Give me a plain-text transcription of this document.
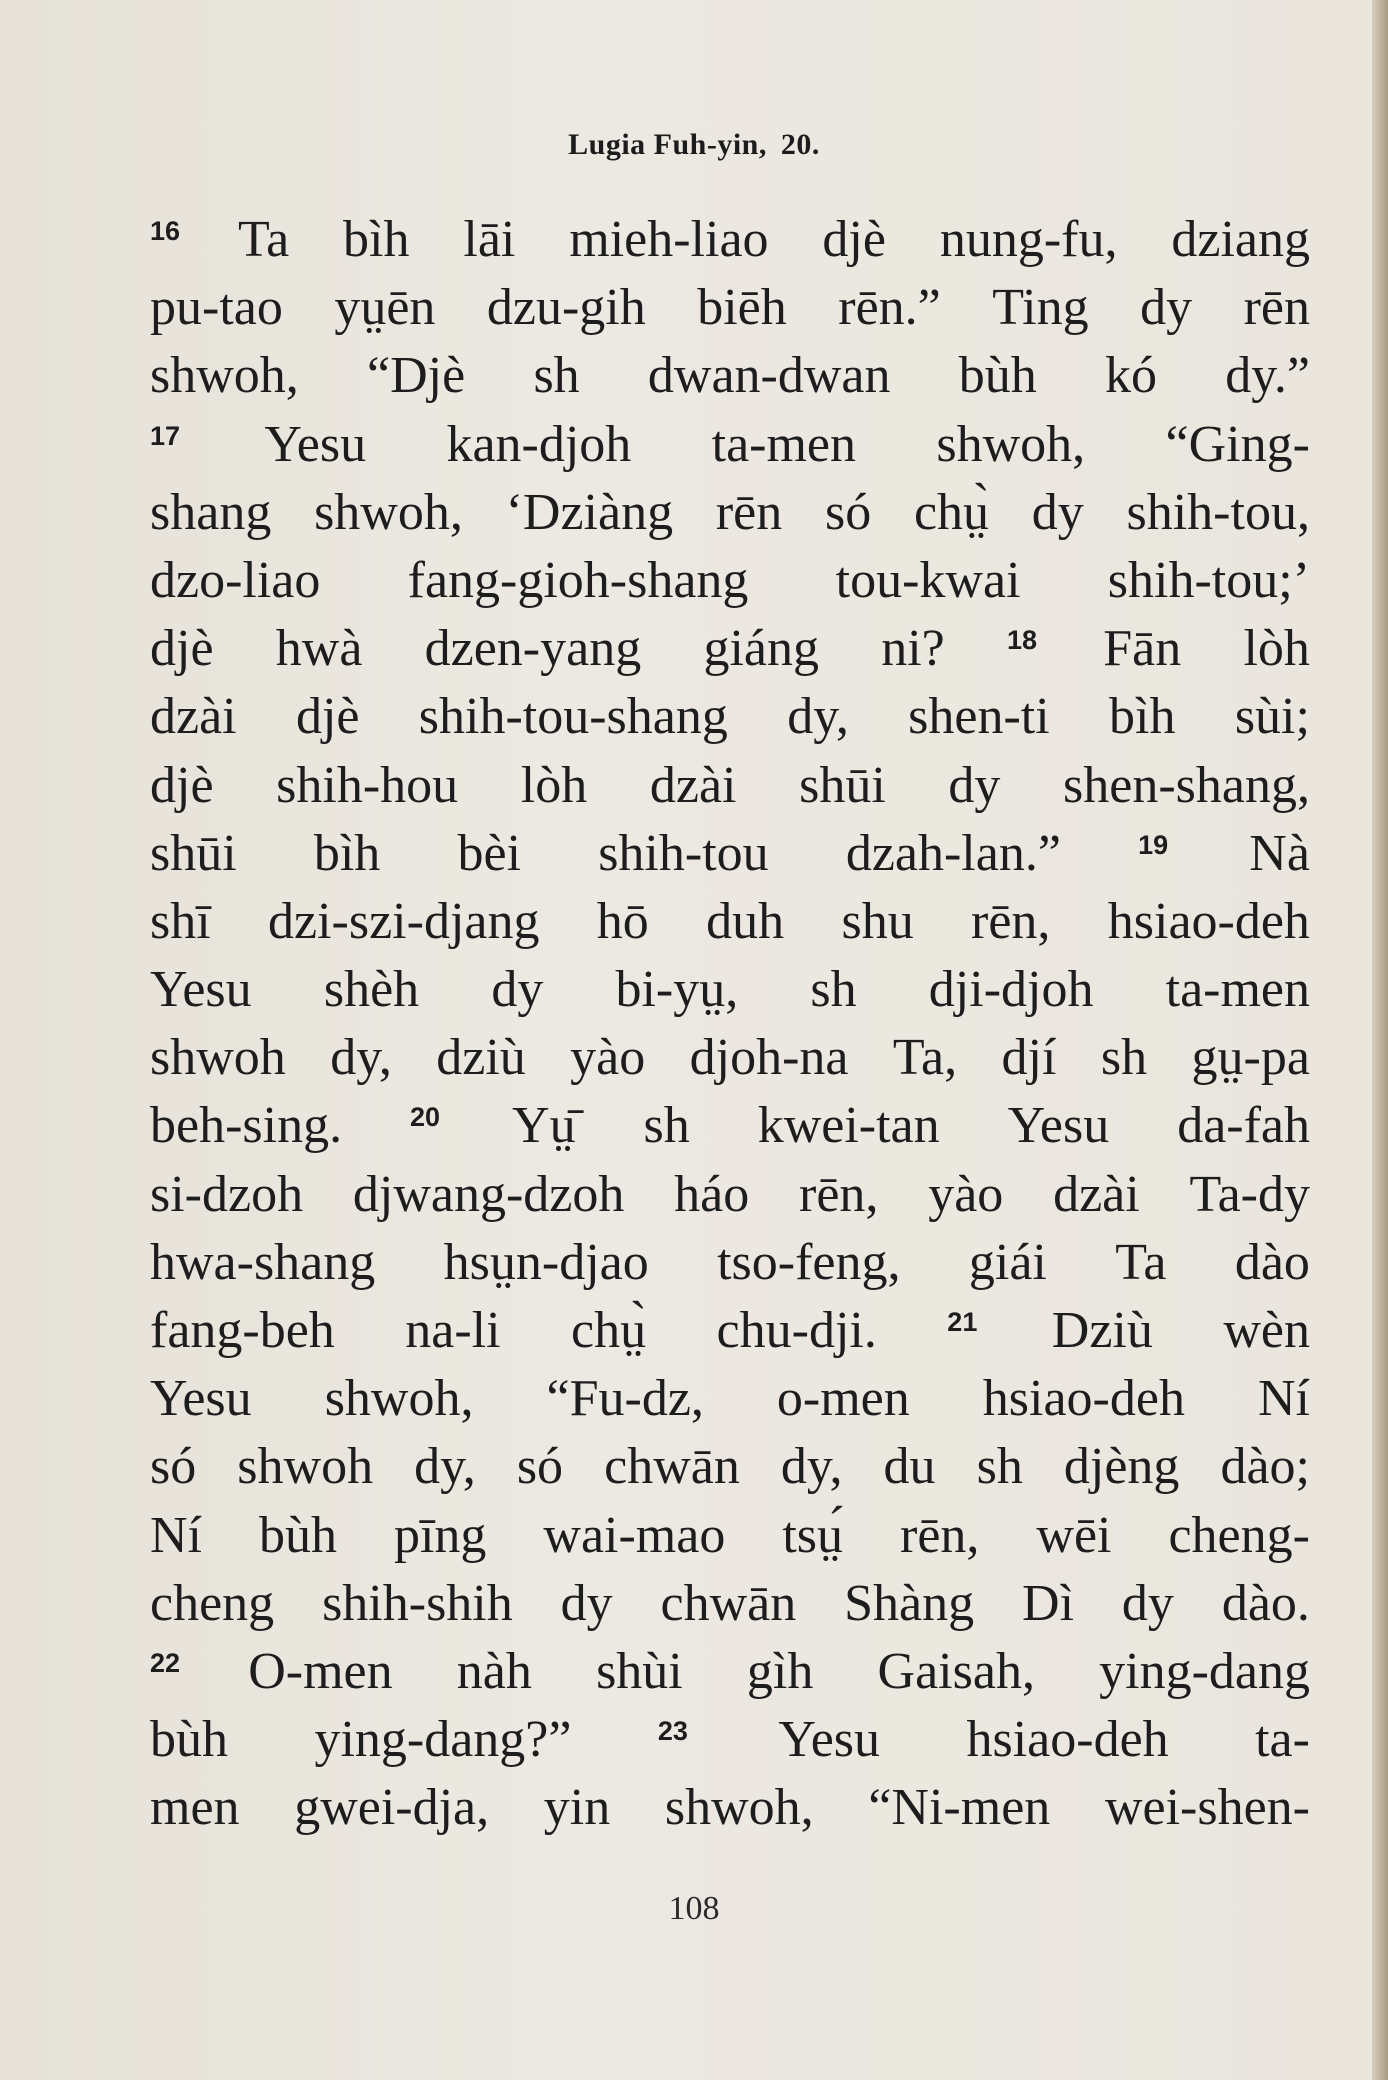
Lugia Fuh-yin, 20.
16 Ta bìh lāi mieh-liao djè nung-fu, dziang
pu-tao yṳēn dzu-gih biēh rēn.” Ting dy rēn
shwoh, “Djè sh dwan-dwan bùh kó dy.”
17 Yesu kan-djoh ta-men shwoh, “Ging-
shang shwoh, ‘Dziàng rēn só chṳ̀ dy shih-tou,
dzo-liao fang-gioh-shang tou-kwai shih-tou;’
djè hwà dzen-yang giáng ni? 18 Fān lòh
dzài djè shih-tou-shang dy, shen-ti bìh sùi;
djè shih-hou lòh dzài shūi dy shen-shang,
shūi bìh bèi shih-tou dzah-lan.”	19 Nà
shī dzi-szi-djang hō duh shu rēn, hsiao-deh
Yesu shèh dy bi-yṳ, sh dji-djoh ta-men
shwoh dy, dziù yào djoh-na Ta, djí sh gṳ-pa
beh-sing.	20 Yṳ̄ sh kwei-tan Yesu da-fah
si-dzoh djwang-dzoh háo rēn, yào dzài Ta-dy
hwa-shang hsṳn-djao tso-feng, giái Ta dào
fang-beh na-li chṳ̀ chu-dji.	21 Dziù wèn
Yesu shwoh, “Fu-dz, o-men hsiao-deh Ní
só shwoh dy, só chwān dy, du sh djèng dào;
Ní bùh pīng wai-mao tsṳ́ rēn, wēi cheng-
cheng shih-shih dy chwān Shàng Dì dy dào.
22 O-men nàh shùi gìh Gaisah, ying-dang
bùh ying-dang?”	23 Yesu hsiao-deh ta-
men gwei-dja, yin shwoh, “Ni-men wei-shen-
108
